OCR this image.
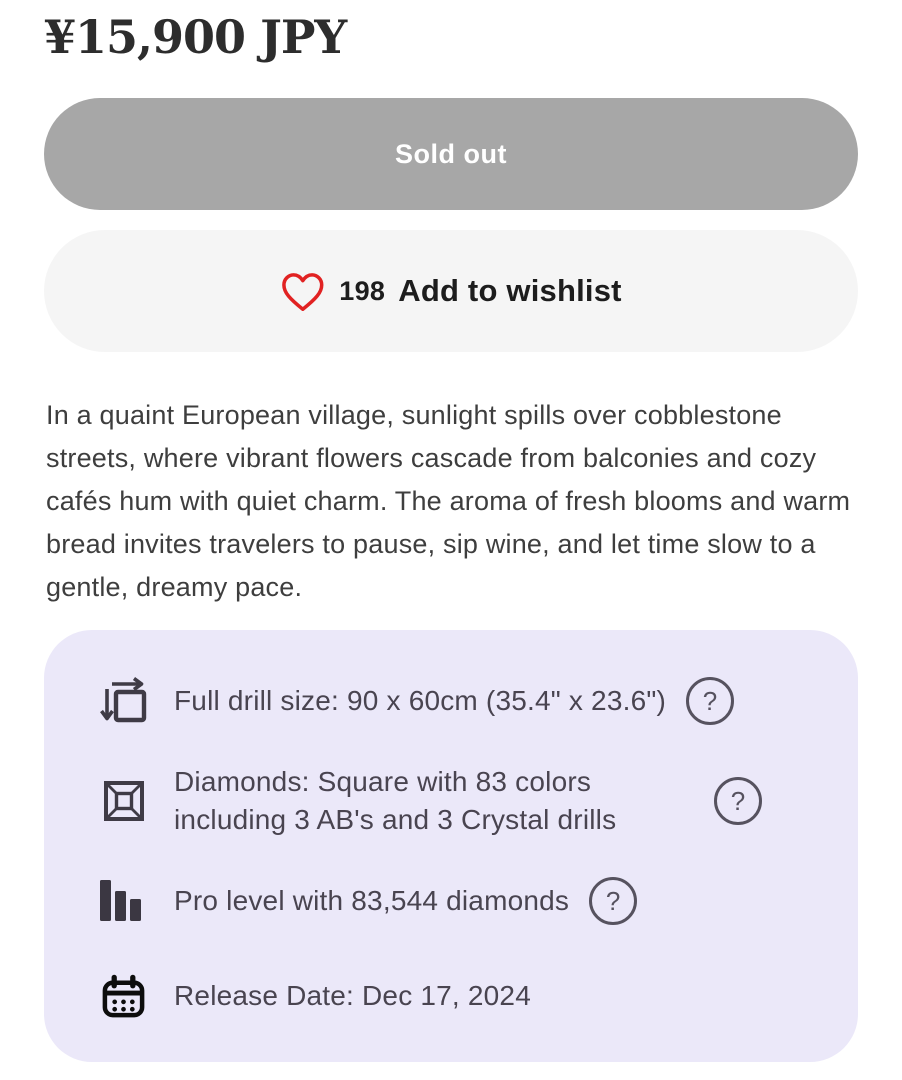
¥15,900 JPY
Sold out
198 Add to wishlist

In a quaint European village, sunlight spills over cobblestone streets, where vibrant flowers cascade from balconies and cozy cafés hum with quiet charm. The aroma of fresh blooms and warm bread invites travelers to pause, sip wine, and let time slow to a gentle, dreamy pace.

Full drill size: 90 x 60cm (35.4" x 23.6") ?
Diamonds: Square with 83 colors including 3 AB's and 3 Crystal drills
?
Pro level with 83,544 diamonds ?
Release Date: Dec 17, 2024
